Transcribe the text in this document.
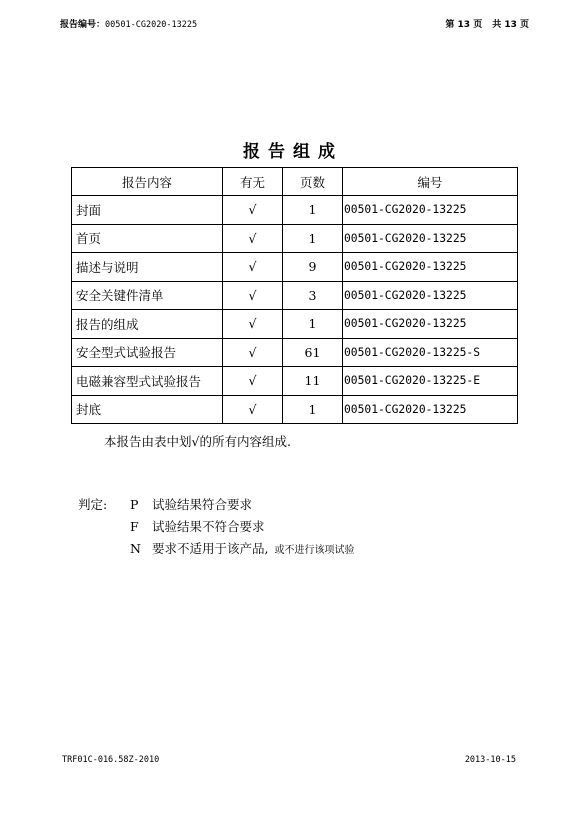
报告编号：00501-CG2020-13225	第 13 页 共 13 页
报告组成
报告内容	有无	页数	编号
封面	√	1	00501-CG2020-13225
首页	√	1	00501-CG2020-13225
描述与说明	√	9	00501-CG2020-13225
安全关键件清单	√	3	00501-CG2020-13225
报告的组成	√	1	00501-CG2020-13225
安全型式试验报告	√	61	00501-CG2020-13225-S
电磁兼容型式试验报告	√	11	00501-CG2020-13225-E
封底	√	1	00501-CG2020-13225
本报告由表中划√的所有内容组成.
判定: P 试验结果符合要求
F 试验结果不符合要求
N 要求不适用于该产品, 或不进行该项试验
TRF01C-016.58Z-2010	2013-10-15
